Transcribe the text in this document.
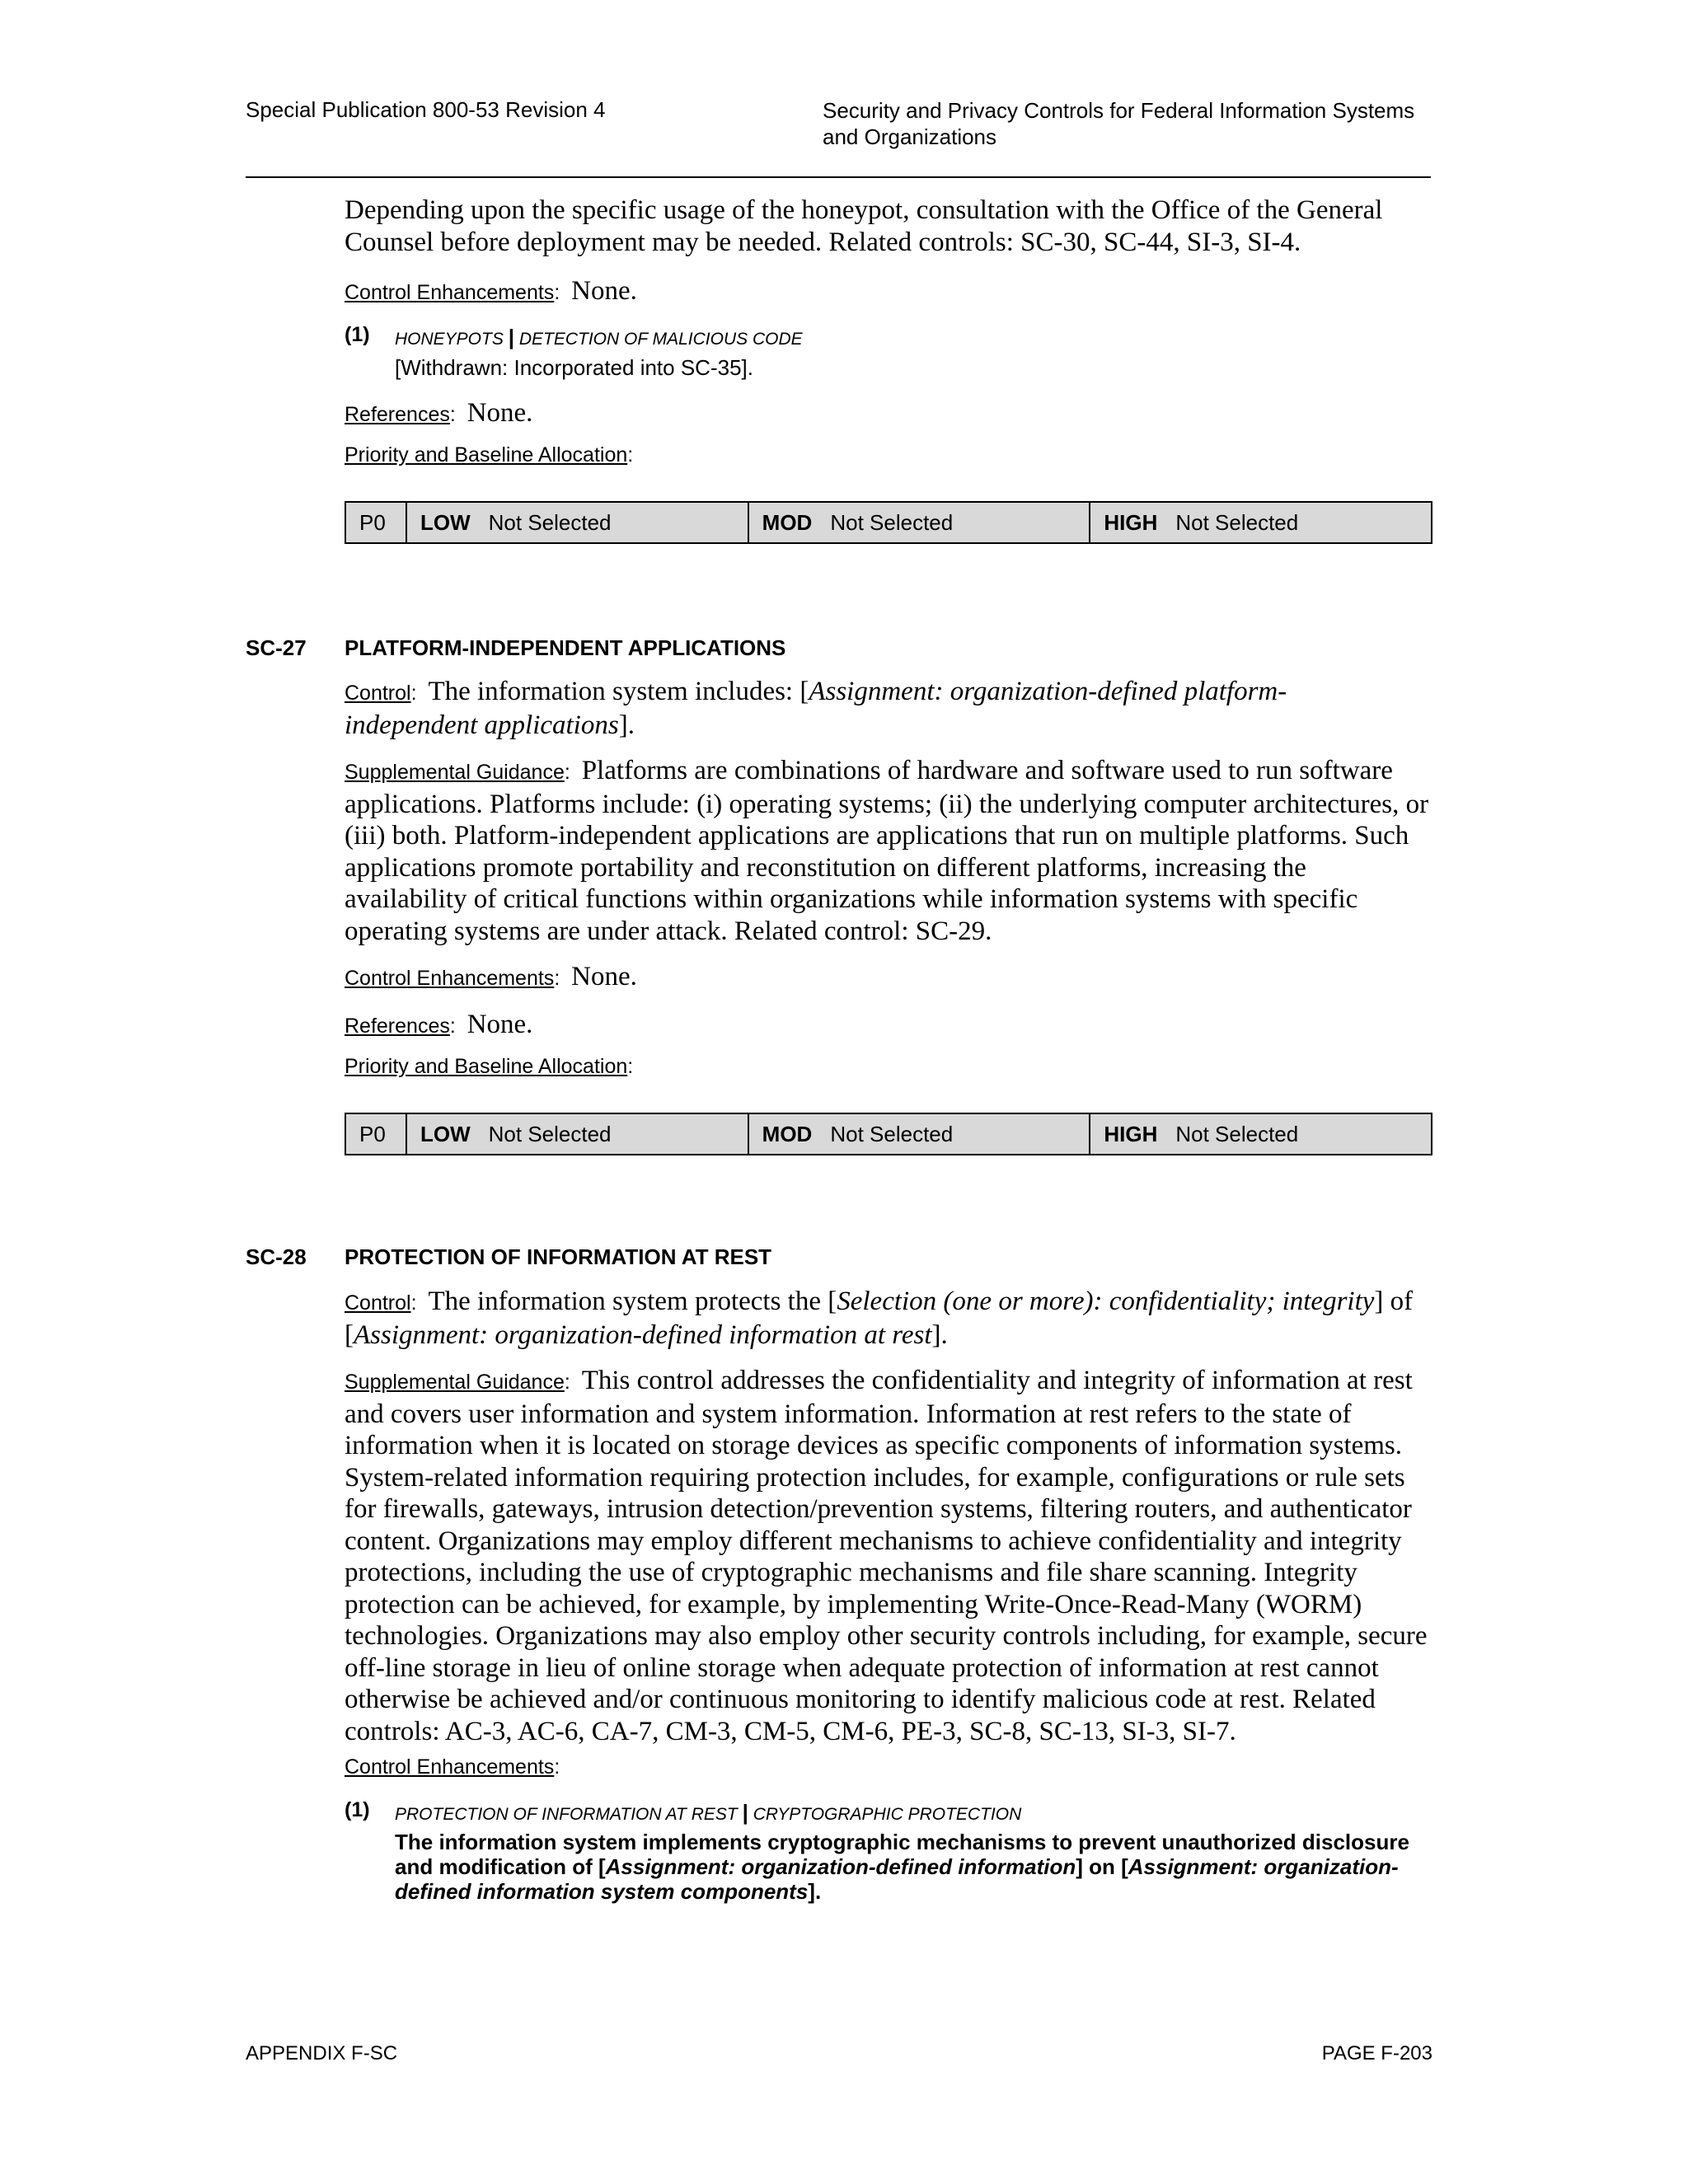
Special Publication 800-53 Revision 4	Security and Privacy Controls for Federal Information Systems
and Organizations

Depending upon the specific usage of the honeypot, consultation with the Office of the General Counsel before deployment may be needed. Related controls: SC-30, SC-44, SI-3, SI-4.

Control Enhancements:  None.
(1) HONEYPOTS | DETECTION OF MALICIOUS CODE
[Withdrawn: Incorporated into SC-35].
References:  None.
Priority and Baseline Allocation:
P0	LOW Not Selected	MOD Not Selected	HIGH Not Selected
SC-27 PLATFORM-INDEPENDENT APPLICATIONS

Control:  The information system includes: [Assignment: organization-defined platform-independent applications].

Supplemental Guidance:  Platforms are combinations of hardware and software used to run software applications. Platforms include: (i) operating systems; (ii) the underlying computer architectures, or (iii) both. Platform-independent applications are applications that run on multiple platforms. Such applications promote portability and reconstitution on different platforms, increasing the availability of critical functions within organizations while information systems with specific operating systems are under attack. Related control: SC-29.

Control Enhancements:  None.
References:  None.
Priority and Baseline Allocation:
P0	LOW Not Selected	MOD Not Selected	HIGH Not Selected
SC-28 PROTECTION OF INFORMATION AT REST

Control:  The information system protects the [Selection (one or more): confidentiality; integrity] of [Assignment: organization-defined information at rest].

Supplemental Guidance:  This control addresses the confidentiality and integrity of information at rest and covers user information and system information. Information at rest refers to the state of information when it is located on storage devices as specific components of information systems. System-related information requiring protection includes, for example, configurations or rule sets for firewalls, gateways, intrusion detection/prevention systems, filtering routers, and authenticator content. Organizations may employ different mechanisms to achieve confidentiality and integrity protections, including the use of cryptographic mechanisms and file share scanning. Integrity protection can be achieved, for example, by implementing Write-Once-Read-Many (WORM) technologies. Organizations may also employ other security controls including, for example, secure off-line storage in lieu of online storage when adequate protection of information at rest cannot otherwise be achieved and/or continuous monitoring to identify malicious code at rest. Related controls: AC-3, AC-6, CA-7, CM-3, CM-5, CM-6, PE-3, SC-8, SC-13, SI-3, SI-7.

Control Enhancements:
(1) PROTECTION OF INFORMATION AT REST | CRYPTOGRAPHIC PROTECTION
The information system implements cryptographic mechanisms to prevent unauthorized disclosure and modification of [Assignment: organization-defined information] on [Assignment: organization-defined information system components].
APPENDIX F-SC	PAGE F-203
